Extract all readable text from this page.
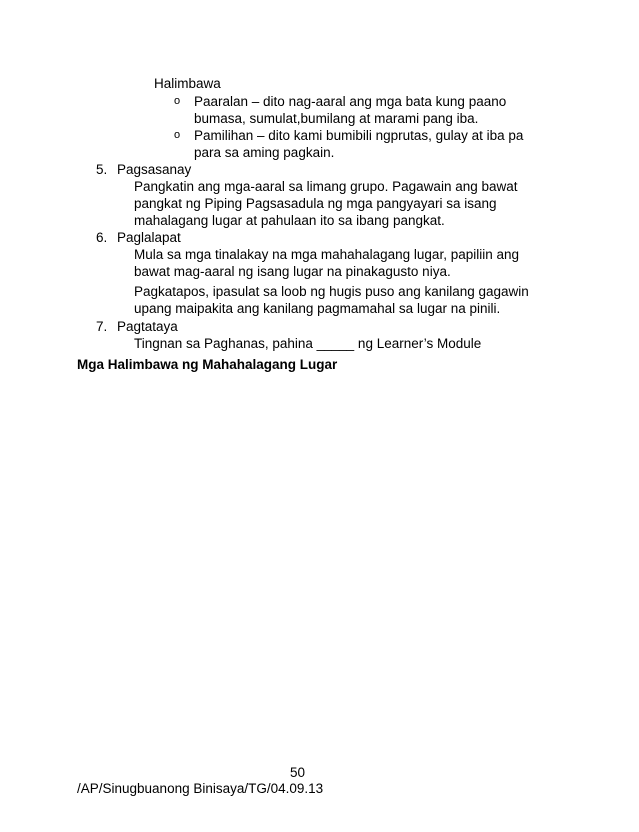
Halimbawa
o Paaralan – dito nag-aaral ang mga bata kung paano
bumasa, sumulat,bumilang at marami pang iba.
o Pamilihan – dito kami bumibili ngprutas, gulay at iba pa
para sa aming pagkain.
5. Pagsasanay
Pangkatin ang mga-aaral sa limang grupo. Pagawain ang bawat
pangkat ng Piping Pagsasadula ng mga pangyayari sa isang
mahalagang lugar at pahulaan ito sa ibang pangkat.
6. Paglalapat
Mula sa mga tinalakay na mga mahahalagang lugar, papiliin ang
bawat mag-aaral ng isang lugar na pinakagusto niya.
Pagkatapos, ipasulat sa loob ng hugis puso ang kanilang gagawin
upang maipakita ang kanilang pagmamahal sa lugar na pinili.
7. Pagtataya
Tingnan sa Paghanas, pahina _____ ng Learner’s Module
Mga Halimbawa ng Mahahalagang Lugar
50
/AP/Sinugbuanong Binisaya/TG/04.09.13
